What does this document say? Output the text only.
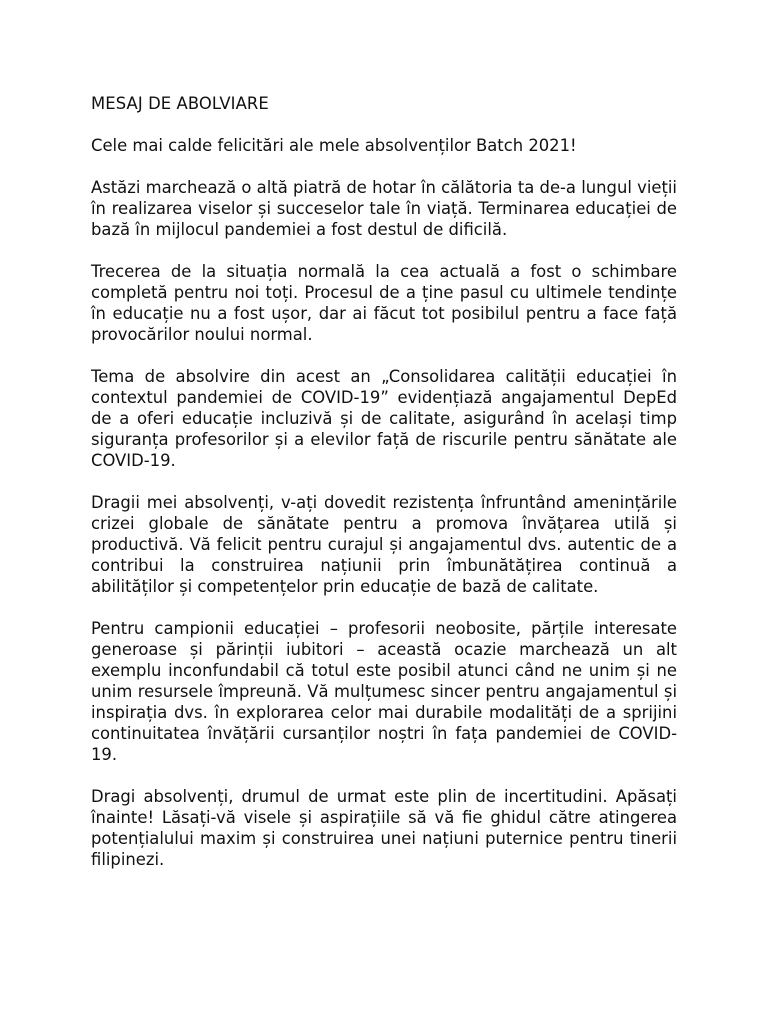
MESAJ DE ABOLVIARE

Cele mai calde felicitări ale mele absolvenților Batch 2021!

Astăzi marchează o altă piatră de hotar în călătoria ta de-a lungul vieții în realizarea viselor și succeselor tale în viață. Terminarea educației de bază în mijlocul pandemiei a fost destul de dificilă.

Trecerea de la situația normală la cea actuală a fost o schimbare completă pentru noi toți. Procesul de a ține pasul cu ultimele tendințe în educație nu a fost ușor, dar ai făcut tot posibilul pentru a face față provocărilor noului normal.

Tema de absolvire din acest an „Consolidarea calității educației în contextul pandemiei de COVID-19” evidențiază angajamentul DepEd de a oferi educație incluzivă și de calitate, asigurând în același timp siguranța profesorilor și a elevilor față de riscurile pentru sănătate ale COVID-19.

Dragii mei absolvenți, v-ați dovedit rezistența înfruntând amenințările crizei globale de sănătate pentru a promova învățarea utilă și productivă. Vă felicit pentru curajul și angajamentul dvs. autentic de a contribui la construirea națiunii prin îmbunătățirea continuă a abilităților și competențelor prin educație de bază de calitate.

Pentru campionii educației – profesorii neobosite, părțile interesate generoase și părinții iubitori – această ocazie marchează un alt exemplu inconfundabil că totul este posibil atunci când ne unim și ne unim resursele împreună. Vă mulțumesc sincer pentru angajamentul și inspirația dvs. în explorarea celor mai durabile modalități de a sprijini continuitatea învățării cursanților noștri în fața pandemiei de COVID-19.

Dragi absolvenți, drumul de urmat este plin de incertitudini. Apăsați înainte! Lăsați-vă visele și aspirațiile să vă fie ghidul către atingerea potențialului maxim și construirea unei națiuni puternice pentru tinerii filipinezi.
